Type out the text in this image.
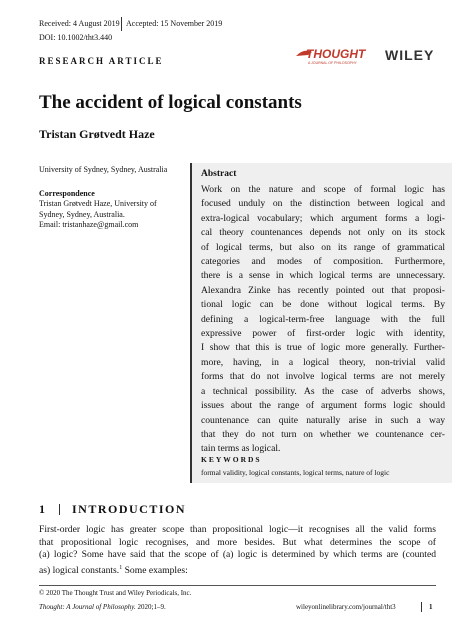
Received: 4 August 2019 Accepted: 15 November 2019
DOI: 10.1002/tht3.440
RESEARCH ARTICLE	THOUGHT
A JOURNAL OF PHILOSOPHY WILEY
The accident of logical constants
Tristan Grøtvedt Haze
University of Sydney, Sydney, Australia
Correspondence
Tristan Grøtvedt Haze, University of
Sydney, Sydney, Australia.
Email: tristanhaze@gmail.com
Abstract
Work on the nature and scope of formal logic has
focused unduly on the distinction between logical and
extra-logical vocabulary; which argument forms a logi-
cal theory countenances depends not only on its stock
of logical terms, but also on its range of grammatical
categories and modes of composition. Furthermore,
there is a sense in which logical terms are unnecessary.
Alexandra Zinke has recently pointed out that proposi-
tional logic can be done without logical terms. By
defining a logical-term-free language with the full
expressive power of first-order logic with identity,
I show that this is true of logic more generally. Further-
more, having, in a logical theory, non-trivial valid
forms that do not involve logical terms are not merely
a technical possibility. As the case of adverbs shows,
issues about the range of argument forms logic should
countenance can quite naturally arise in such a way
that they do not turn on whether we countenance cer-
tain terms as logical.
KEYWORDS
formal validity, logical constants, logical terms, nature of logic
1 INTRODUCTION
First-order logic has greater scope than propositional logic—it recognises all the valid forms
that propositional logic recognises, and more besides. But what determines the scope of
(a) logic? Some have said that the scope of (a) logic is determined by which terms are (counted
as) logical constants.$^1$ Some examples:
© 2020 The Thought Trust and Wiley Periodicals, Inc.
Thought: A Journal of Philosophy. 2020;1–9.	wileyonlinelibrary.com/journal/tht3	1
